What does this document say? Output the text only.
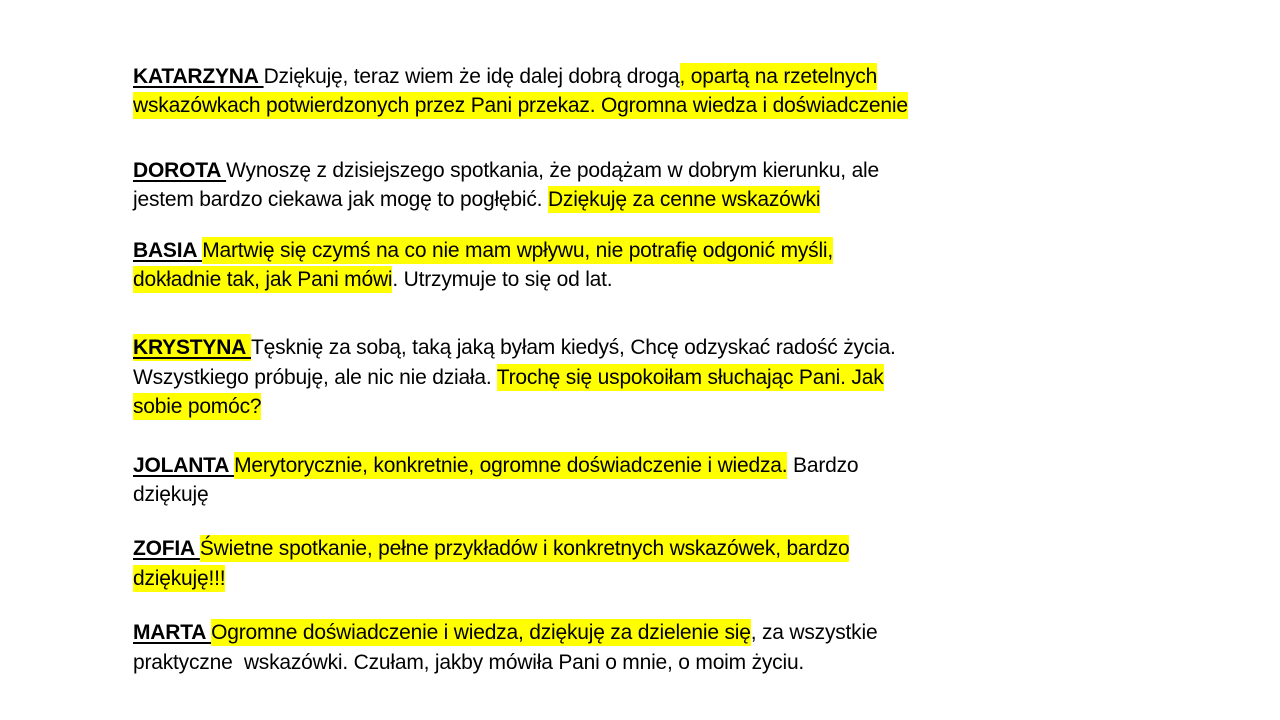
KATARZYNA Dziękuję, teraz wiem że idę dalej dobrą drogą, opartą na rzetelnych
wskazówkach potwierdzonych przez Pani przekaz. Ogromna wiedza i doświadczenie
DOROTA Wynoszę z dzisiejszego spotkania, że podążam w dobrym kierunku, ale
jestem bardzo ciekawa jak mogę to pogłębić. Dziękuję za cenne wskazówki
BASIA Martwię się czymś na co nie mam wpływu, nie potrafię odgonić myśli,
dokładnie tak, jak Pani mówi. Utrzymuje to się od lat.
KRYSTYNA Tęsknię za sobą, taką jaką byłam kiedyś, Chcę odzyskać radość życia.
Wszystkiego próbuję, ale nic nie działa. Trochę się uspokoiłam słuchając Pani. Jak
sobie pomóc?
JOLANTA Merytorycznie, konkretnie, ogromne doświadczenie i wiedza. Bardzo
dziękuję
ZOFIA Świetne spotkanie, pełne przykładów i konkretnych wskazówek, bardzo
dziękuję!!!
MARTA Ogromne doświadczenie i wiedza, dziękuję za dzielenie się, za wszystkie
praktyczne  wskazówki. Czułam, jakby mówiła Pani o mnie, o moim życiu.
